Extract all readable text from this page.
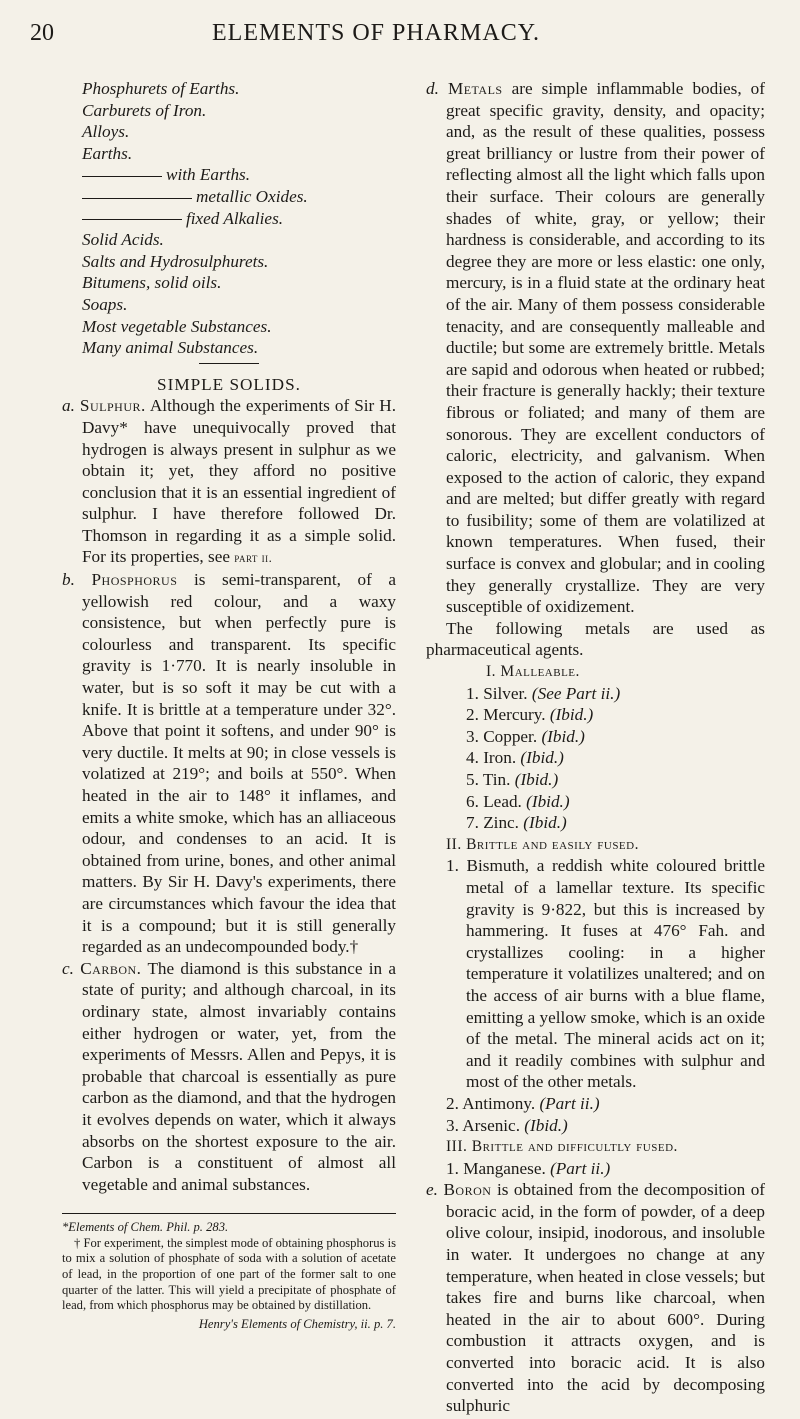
20	ELEMENTS OF PHARMACY.

Phosphurets of Earths.

Carburets of Iron.

Alloys.

Earths.

with Earths.

metallic Oxides.

fixed Alkalies.

Solid Acids.

Salts and Hydrosulphurets.

Bitumens, solid oils.

Soaps.

Most vegetable Substances.

Many animal Substances.

SIMPLE SOLIDS.

a. Sulphur. Although the experiments of Sir H. Davy* have unequivocally proved that hydrogen is always present in sulphur as we obtain it; yet, they afford no positive conclusion that it is an essential ingredient of sulphur. I have therefore followed Dr. Thomson in regarding it as a simple solid. For its properties, see part ii.

b. Phosphorus is semi-transparent, of a yellowish red colour, and a waxy consistence, but when perfectly pure is colourless and transparent. Its specific gravity is 1·770. It is nearly insoluble in water, but is so soft it may be cut with a knife. It is brittle at a temperature under 32°. Above that point it softens, and under 90° is very ductile. It melts at 90; in close vessels is volatized at 219°; and boils at 550°. When heated in the air to 148° it inflames, and emits a white smoke, which has an alliaceous odour, and condenses to an acid. It is obtained from urine, bones, and other animal matters. By Sir H. Davy's experiments, there are circumstances which favour the idea that it is a compound; but it is still generally regarded as an undecompounded body.†

c. Carbon. The diamond is this substance in a state of purity; and although charcoal, in its ordinary state, almost invariably contains either hydrogen or water, yet, from the experiments of Messrs. Allen and Pepys, it is probable that charcoal is essentially as pure carbon as the diamond, and that the hydrogen it evolves depends on water, which it always absorbs on the shortest exposure to the air. Carbon is a constituent of almost all vegetable and animal substances.

*Elements of Chem. Phil. p. 283.

† For experiment, the simplest mode of obtaining phosphorus is to mix a solution of phosphate of soda with a solution of acetate of lead, in the proportion of one part of the former salt to one quarter of the latter. This will yield a precipitate of phosphate of lead, from which phosphorus may be obtained by distillation.

Henry's Elements of Chemistry, ii. p. 7.

d. Metals are simple inflammable bodies, of great specific gravity, density, and opacity; and, as the result of these qualities, possess great brilliancy or lustre from their power of reflecting almost all the light which falls upon their surface. Their colours are generally shades of white, gray, or yellow; their hardness is considerable, and according to its degree they are more or less elastic: one only, mercury, is in a fluid state at the ordinary heat of the air. Many of them possess considerable tenacity, and are consequently malleable and ductile; but some are extremely brittle. Metals are sapid and odorous when heated or rubbed; their fracture is generally hackly; their texture fibrous or foliated; and many of them are sonorous. They are excellent conductors of caloric, electricity, and galvanism. When exposed to the action of caloric, they expand and are melted; but differ greatly with regard to fusibility; some of them are volatilized at known temperatures. When fused, their surface is convex and globular; and in cooling they generally crystallize. They are very susceptible of oxidizement.

The following metals are used as pharmaceutical agents.

I. Malleable.

1. Silver. (See Part ii.)

2. Mercury. (Ibid.)

3. Copper. (Ibid.)

4. Iron. (Ibid.)

5. Tin. (Ibid.)

6. Lead. (Ibid.)

7. Zinc. (Ibid.)

II. Brittle and easily fused.

1. Bismuth, a reddish white coloured brittle metal of a lamellar texture. Its specific gravity is 9·822, but this is increased by hammering. It fuses at 476° Fah. and crystallizes cooling: in a higher temperature it volatilizes unaltered; and on the access of air burns with a blue flame, emitting a yellow smoke, which is an oxide of the metal. The mineral acids act on it; and it readily combines with sulphur and most of the other metals.

2. Antimony. (Part ii.)

3. Arsenic. (Ibid.)

III. Brittle and difficultly fused.

1. Manganese. (Part ii.)

e. Boron is obtained from the decomposition of boracic acid, in the form of powder, of a deep olive colour, insipid, inodorous, and insoluble in water. It undergoes no change at any temperature, when heated in close vessels; but takes fire and burns like charcoal, when heated in the air to about 600°. During combustion it attracts oxygen, and is converted into boracic acid. It is also converted into the acid by decomposing sulphuric
